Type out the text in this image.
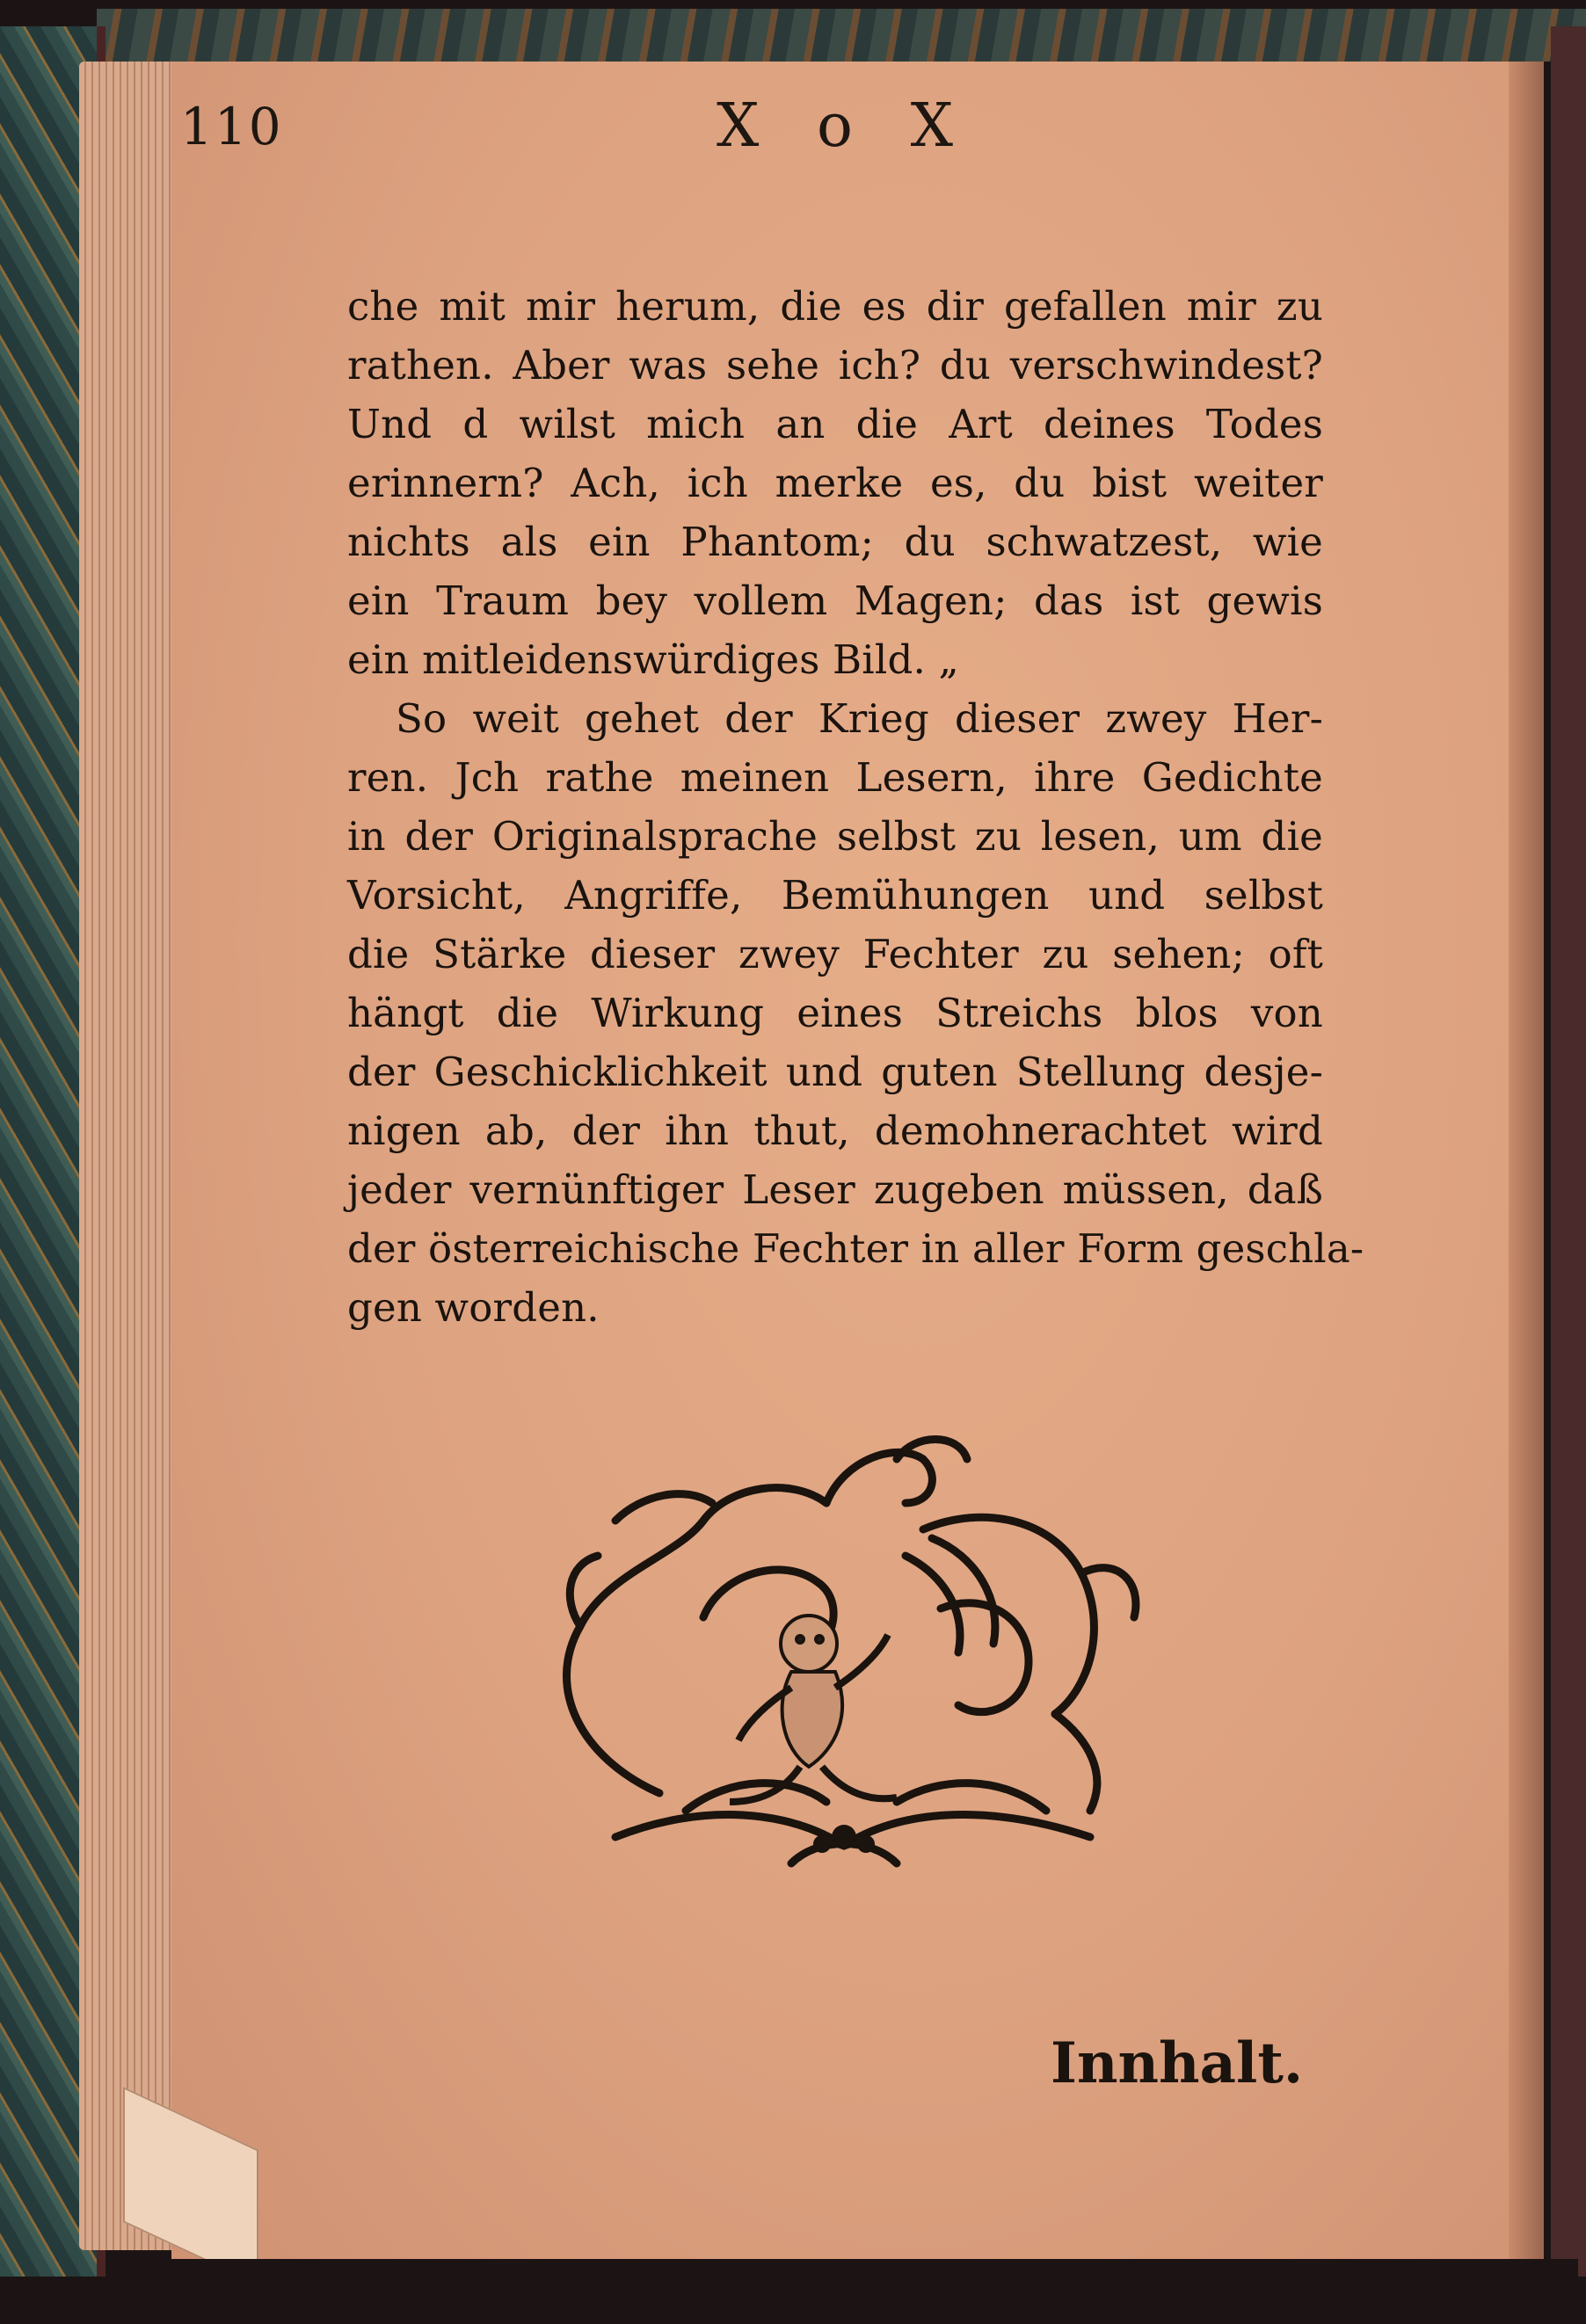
110	X o X
che mit mir herum, die es dir gefallen mir zu
rathen. Aber was sehe ich? du verschwindest?
Und d wilst mich an die Art deines Todes
erinnern? Ach, ich merke es, du bist weiter
nichts als ein Phantom; du schwatzest, wie
ein Traum bey vollem Magen; das ist gewis
ein mitleidenswürdiges Bild. „
So weit gehet der Krieg dieser zwey Her-
ren. Jch rathe meinen Lesern, ihre Gedichte
in der Originalsprache selbst zu lesen, um die
Vorsicht, Angriffe, Bemühungen und selbst
die Stärke dieser zwey Fechter zu sehen; oft
hängt die Wirkung eines Streichs blos von
der Geschicklichkeit und guten Stellung desje-
nigen ab, der ihn thut, demohnerachtet wird
jeder vernünftiger Leser zugeben müssen, daß
der österreichische Fechter in aller Form geschla-
gen worden.
Innhalt.
